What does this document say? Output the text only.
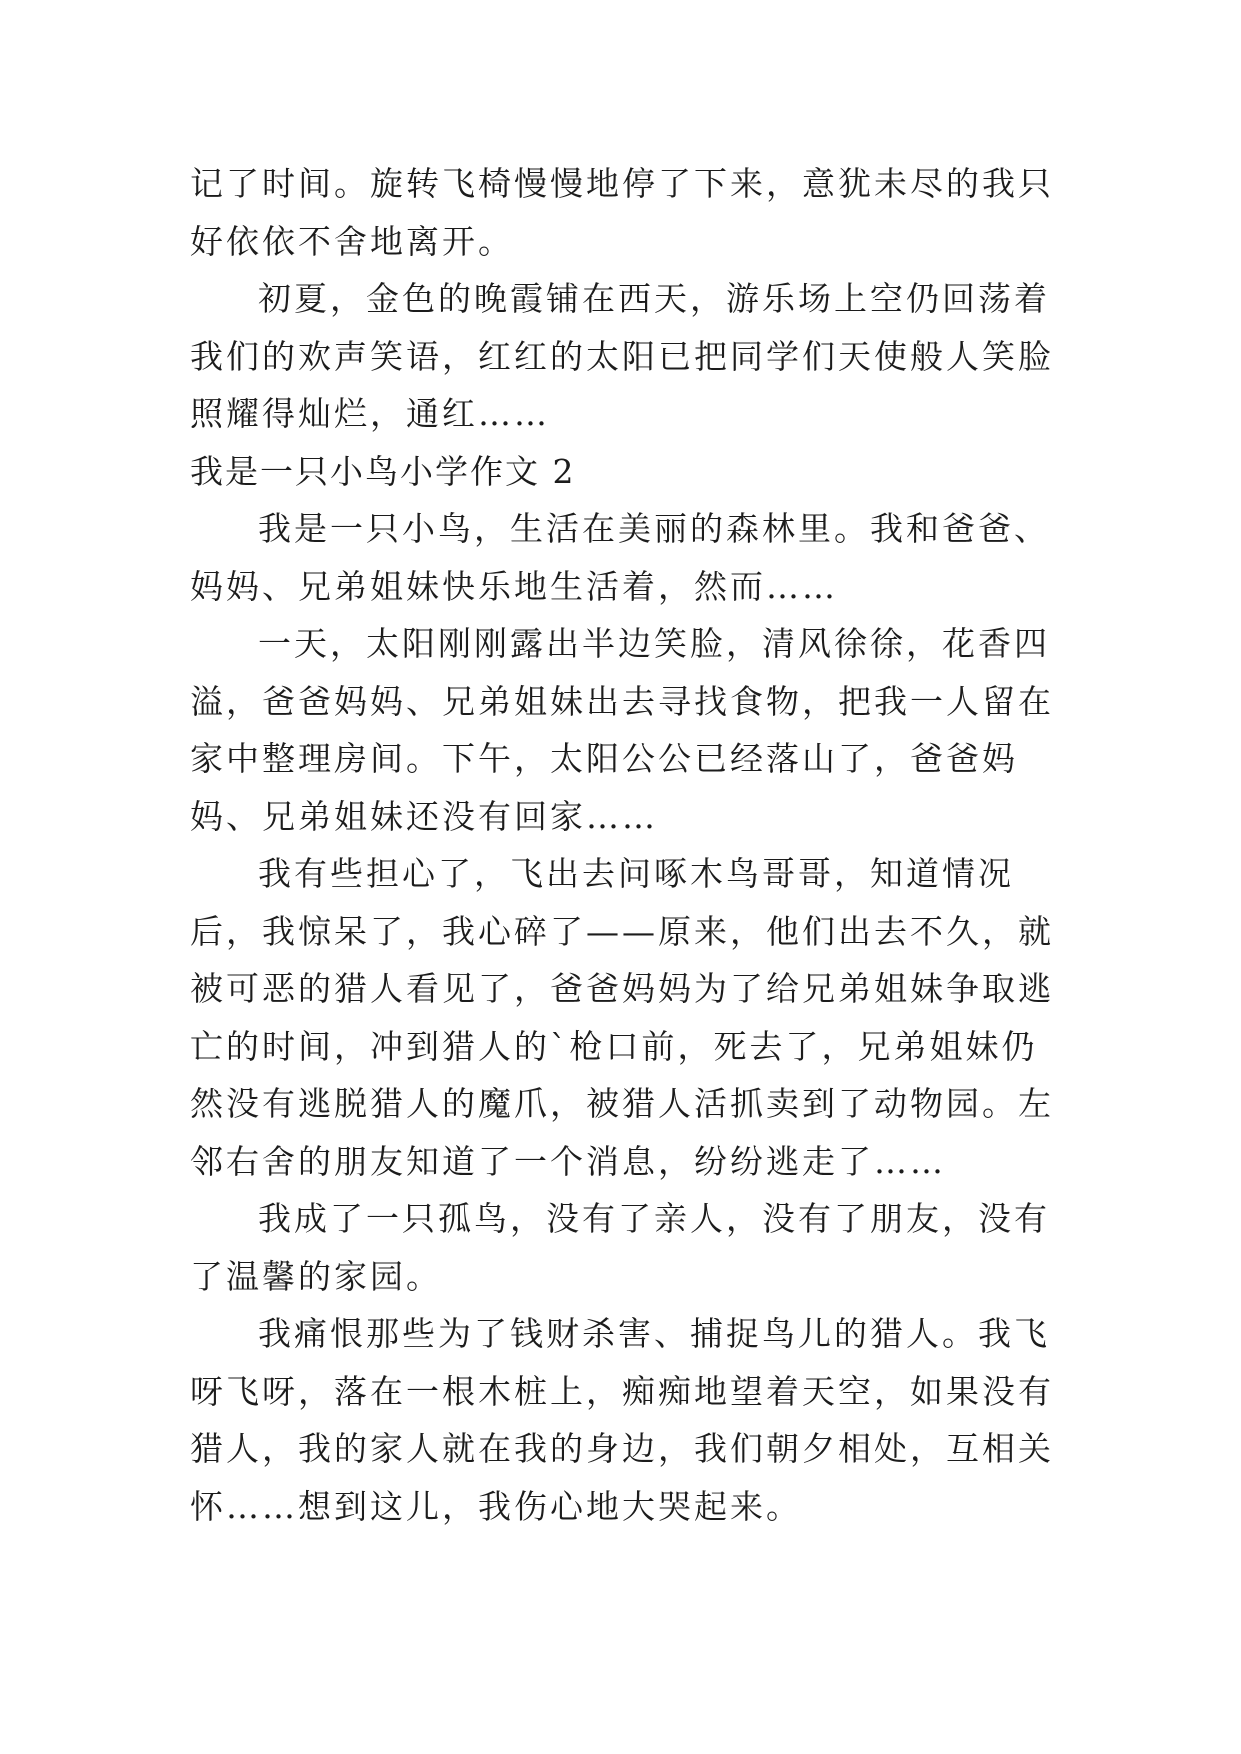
记了时间。旋转飞椅慢慢地停了下来，意犹未尽的我只好依依不舍地离开。

初夏，金色的晚霞铺在西天，游乐场上空仍回荡着我们的欢声笑语，红红的太阳已把同学们天使般人笑脸照耀得灿烂，通红……

我是一只小鸟小学作文 2

我是一只小鸟，生活在美丽的森林里。我和爸爸、妈妈、兄弟姐妹快乐地生活着，然而……

一天，太阳刚刚露出半边笑脸，清风徐徐，花香四溢，爸爸妈妈、兄弟姐妹出去寻找食物，把我一人留在家中整理房间。下午，太阳公公已经落山了，爸爸妈妈、兄弟姐妹还没有回家……

我有些担心了，飞出去问啄木鸟哥哥，知道情况后，我惊呆了，我心碎了——原来，他们出去不久，就被可恶的猎人看见了，爸爸妈妈为了给兄弟姐妹争取逃亡的时间，冲到猎人的`枪口前，死去了，兄弟姐妹仍然没有逃脱猎人的魔爪，被猎人活抓卖到了动物园。左邻右舍的朋友知道了一个消息，纷纷逃走了……

我成了一只孤鸟，没有了亲人，没有了朋友，没有了温馨的家园。

我痛恨那些为了钱财杀害、捕捉鸟儿的猎人。我飞呀飞呀，落在一根木桩上，痴痴地望着天空，如果没有猎人，我的家人就在我的身边，我们朝夕相处，互相关怀……想到这儿，我伤心地大哭起来。
